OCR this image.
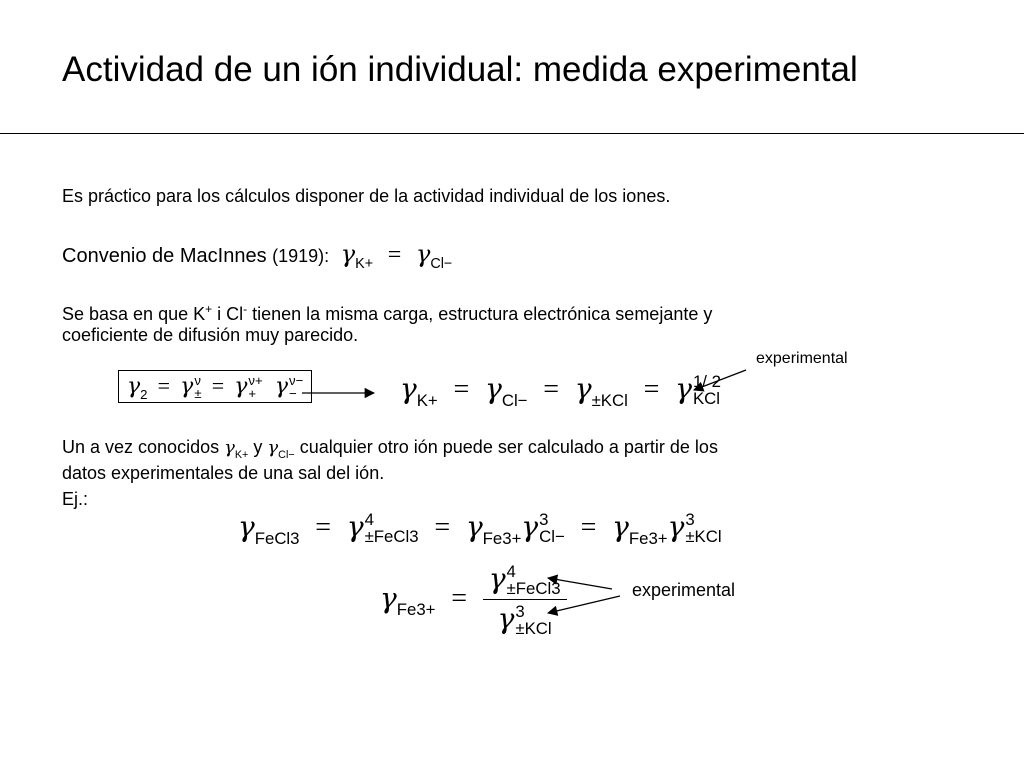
Actividad de un ión individual: medida experimental
Es práctico para los cálculos disponer de la actividad individual de los iones.
Convenio de MacInnes (1919): $\gamma_{K+} = \gamma_{Cl-}$
Se basa en que K+ i Cl- tienen la misma carga, estructura electrónica semejante y
coeficiente de difusión muy parecido.
experimental
$\gamma_2 = \gamma$ ν
± = γ ν+
+ γ ν−
−	$\gamma_{K+} = \gamma_{Cl-} = \gamma_{\pm KCl} = \gamma$ 1/ 2
KCl
Un a vez conocidos $\gamma_{K+}$ y $\gamma_{Cl-}$ cualquier otro ión puede ser calculado a partir de los
datos experimentales de una sal del ión.
Ej.:
$\gamma_{FeCl3} = \gamma$ 4
±FeCl3 = $\gamma_{Fe3+}\gamma$ 3
$Cl- = \gamma_{Fe3+}\gamma$ 3
±KCl
$\gamma_{Fe3+} = \gamma$ 4
±FeCl3
γ 3
±KCl	experimental
